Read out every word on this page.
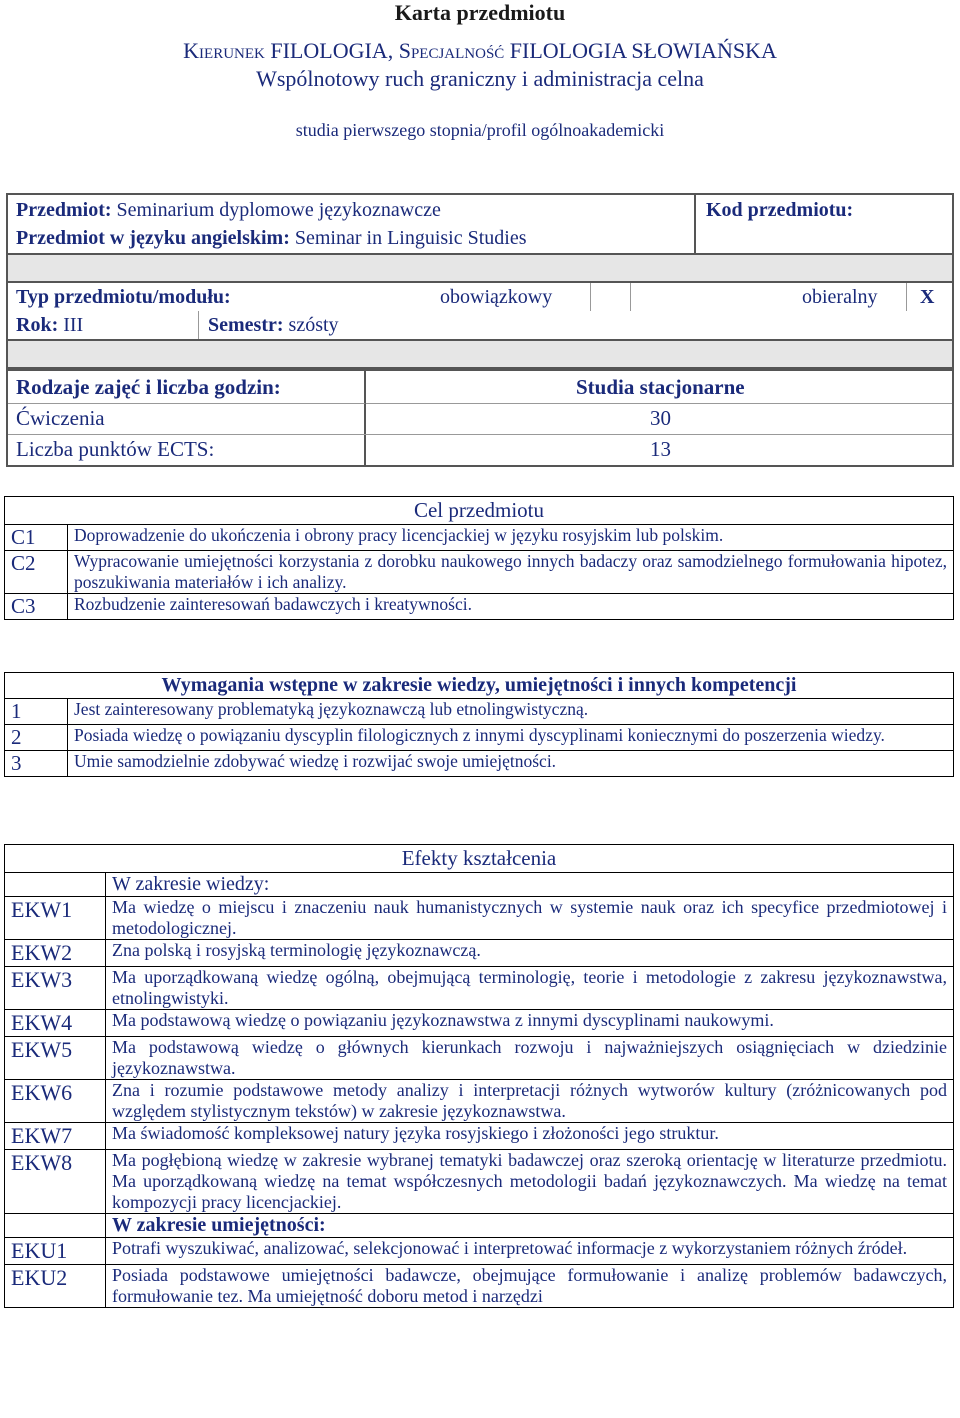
Karta przedmiotu
Kierunek FILOLOGIA, Specjalność FILOLOGIA SŁOWIAŃSKA
Wspólnotowy ruch graniczny i administracja celna
studia pierwszego stopnia/profil ogólnoakademicki
Przedmiot: Seminarium dyplomowe językoznawcze
Przedmiot w języku angielskim: Seminar in Linguisic Studies
Kod przedmiotu:
Typ przedmiotu/modułu:	obowiązkowy	obieralny X
Rok: III	Semestr: szósty
Rodzaje zajęć i liczba godzin:	Studia stacjonarne
Ćwiczenia	30
Liczba punktów ECTS:	13
Cel przedmiotu	
C1	Doprowadzenie do ukończenia i obrony pracy licencjackiej w języku rosyjskim lub polskim.
C2	Wypracowanie umiejętności korzystania z dorobku naukowego innych badaczy oraz samodzielnego formułowania hipotez, poszukiwania materiałów i ich analizy.
C3	Rozbudzenie zainteresowań badawczych i kreatywności.
Wymagania wstępne w zakresie wiedzy, umiejętności i innych kompetencji	
1	Jest zainteresowany problematyką językoznawczą lub etnolingwistyczną.
2	Posiada wiedzę o powiązaniu dyscyplin filologicznych z innymi dyscyplinami koniecznymi do poszerzenia wiedzy.
3	Umie samodzielnie zdobywać wiedzę i rozwijać swoje umiejętności.
Efekty kształcenia	
	W zakresie wiedzy:
EKW1	Ma wiedzę o miejscu i znaczeniu nauk humanistycznych w systemie nauk oraz ich specyfice przedmiotowej i metodologicznej.
EKW2	Zna polską i rosyjską terminologię językoznawczą.
EKW3	Ma uporządkowaną wiedzę ogólną, obejmującą terminologię, teorie i metodologie z zakresu językoznawstwa, etnolingwistyki.
EKW4	Ma podstawową wiedzę o powiązaniu językoznawstwa z innymi dyscyplinami naukowymi.
EKW5	Ma podstawową wiedzę o głównych kierunkach rozwoju i najważniejszych osiągnięciach w dziedzinie językoznawstwa.
EKW6	Zna i rozumie podstawowe metody analizy i interpretacji różnych wytworów kultury (zróżnicowanych pod względem stylistycznym tekstów) w zakresie językoznawstwa.
EKW7	Ma świadomość kompleksowej natury języka rosyjskiego i złożoności jego struktur.
EKW8	Ma pogłębioną wiedzę w zakresie wybranej tematyki badawczej oraz szeroką orientację w literaturze przedmiotu. Ma uporządkowaną wiedzę na temat współczesnych metodologii badań językoznawczych. Ma wiedzę na temat kompozycji pracy licencjackiej.
	W zakresie umiejętności:
EKU1	Potrafi wyszukiwać, analizować, selekcjonować i interpretować informacje z wykorzystaniem różnych źródeł.
EKU2	Posiada podstawowe umiejętności badawcze, obejmujące formułowanie i analizę problemów badawczych, formułowanie tez. Ma umiejętność doboru metod i narzędzi
